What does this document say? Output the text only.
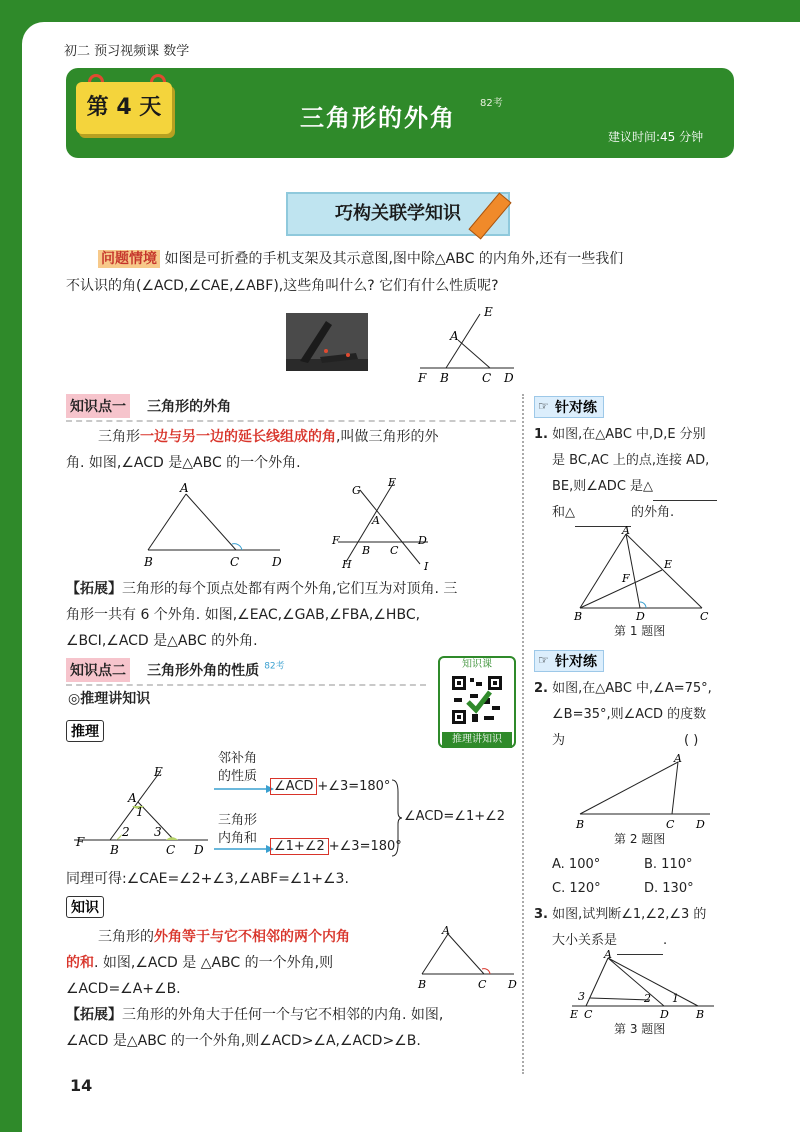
初二 预习视频课 数学
第 4 天	三角形的外角
82考
建议时间:45 分钟
巧构关联学知识
问题情境 如图是可折叠的手机支架及其示意图,图中除△ABC 的内角外,还有一些我们
不认识的角(∠ACD,∠CAE,∠ABF),这些角叫什么? 它们有什么性质呢?
E
A
F B	C D
知识点一 三角形的外角
三角形一边与另一边的延长线组成的角,叫做三角形的外
角. 如图,∠ACD 是△ABC 的一个外角.
A
B	C	D
G
E
A
F
B C
D
H	I
【拓展】三角形的每个顶点处都有两个外角,它们互为对顶角. 三
角形一共有 6 个外角. 如图,∠EAC,∠GAB,∠FBA,∠HBC,
∠BCI,∠ACD 是△ABC 的外角.
知识点二 三角形外角的性质 $^{82考}$
◎推理讲知识
知识课
推理讲知识
推理
E
A
1
2 3
F
B	C D
邻补角
的性质
∠ACD +∠3=180°
三角形
内角和
∠1+∠2 +∠3=180°
∠ACD=∠1+∠2
同理可得:∠CAE=∠2+∠3,∠ABF=∠1+∠3.
知识
三角形的外角等于与它不相邻的两个内角
的和. 如图,∠ACD 是 △ABC 的一个外角,则
∠ACD=∠A+∠B.
A
B	C D
【拓展】三角形的外角大于任何一个与它不相邻的内角. 如图,
∠ACD 是△ABC 的一个外角,则∠ACD>∠A,∠ACD>∠B.
☞ 针对练
1. 如图,在△ABC 中,D,E 分别
是 BC,AC 上的点,连接 AD,
BE,则∠ADC 是△
和△	的外角.
A
E
F
B	D	C
第 1 题图
☞ 针对练
2. 如图,在△ABC 中,∠A=75°,
∠B=35°,则∠ACD 的度数
为	( )
A
B	C D
第 2 题图
A. 100°	B. 110°
C. 120°	D. 130°
3. 如图,试判断∠1,∠2,∠3 的
大小关系是	.
A
3	2 1
E C	D B
第 3 题图
14
